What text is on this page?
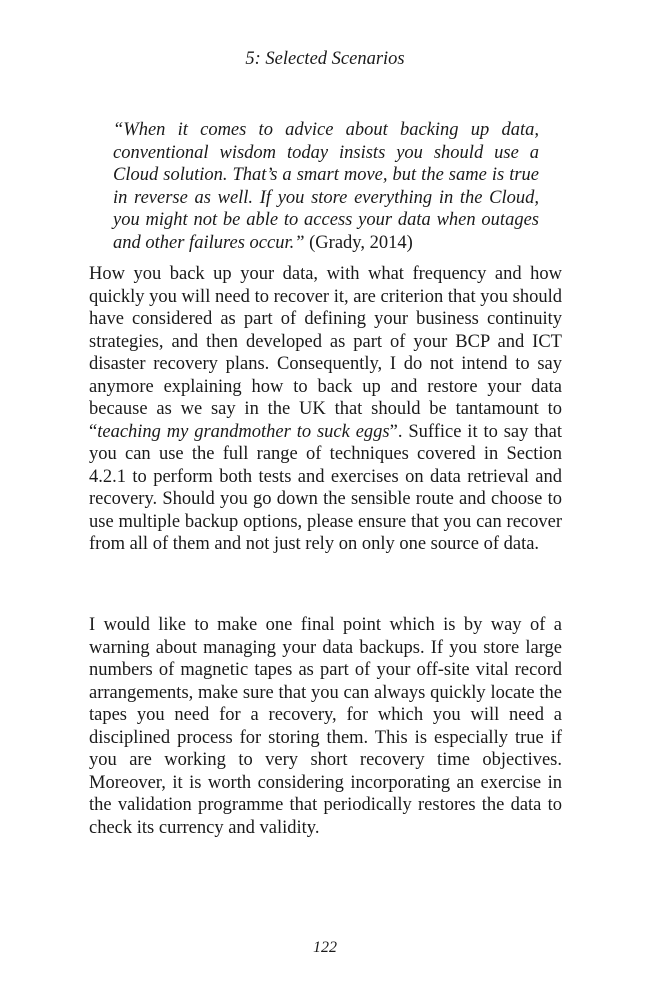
5: Selected Scenarios
“When it comes to advice about backing up data, conventional wisdom today insists you should use a Cloud solution. That’s a smart move, but the same is true in reverse as well. If you store everything in the Cloud, you might not be able to access your data when outages and other failures occur.” (Grady, 2014)

How you back up your data, with what frequency and how quickly you will need to recover it, are criterion that you should have considered as part of defining your business continuity strategies, and then developed as part of your BCP and ICT disaster recovery plans. Consequently, I do not intend to say anymore explaining how to back up and restore your data because as we say in the UK that should be tantamount to “teaching my grandmother to suck eggs”. Suffice it to say that you can use the full range of techniques covered in Section 4.2.1 to perform both tests and exercises on data retrieval and recovery. Should you go down the sensible route and choose to use multiple backup options, please ensure that you can recover from all of them and not just rely on only one source of data.

I would like to make one final point which is by way of a warning about managing your data backups. If you store large numbers of magnetic tapes as part of your off-site vital record arrangements, make sure that you can always quickly locate the tapes you need for a recovery, for which you will need a disciplined process for storing them. This is especially true if you are working to very short recovery time objectives. Moreover, it is worth considering incorporating an exercise in the validation programme that periodically restores the data to check its currency and validity.

122
